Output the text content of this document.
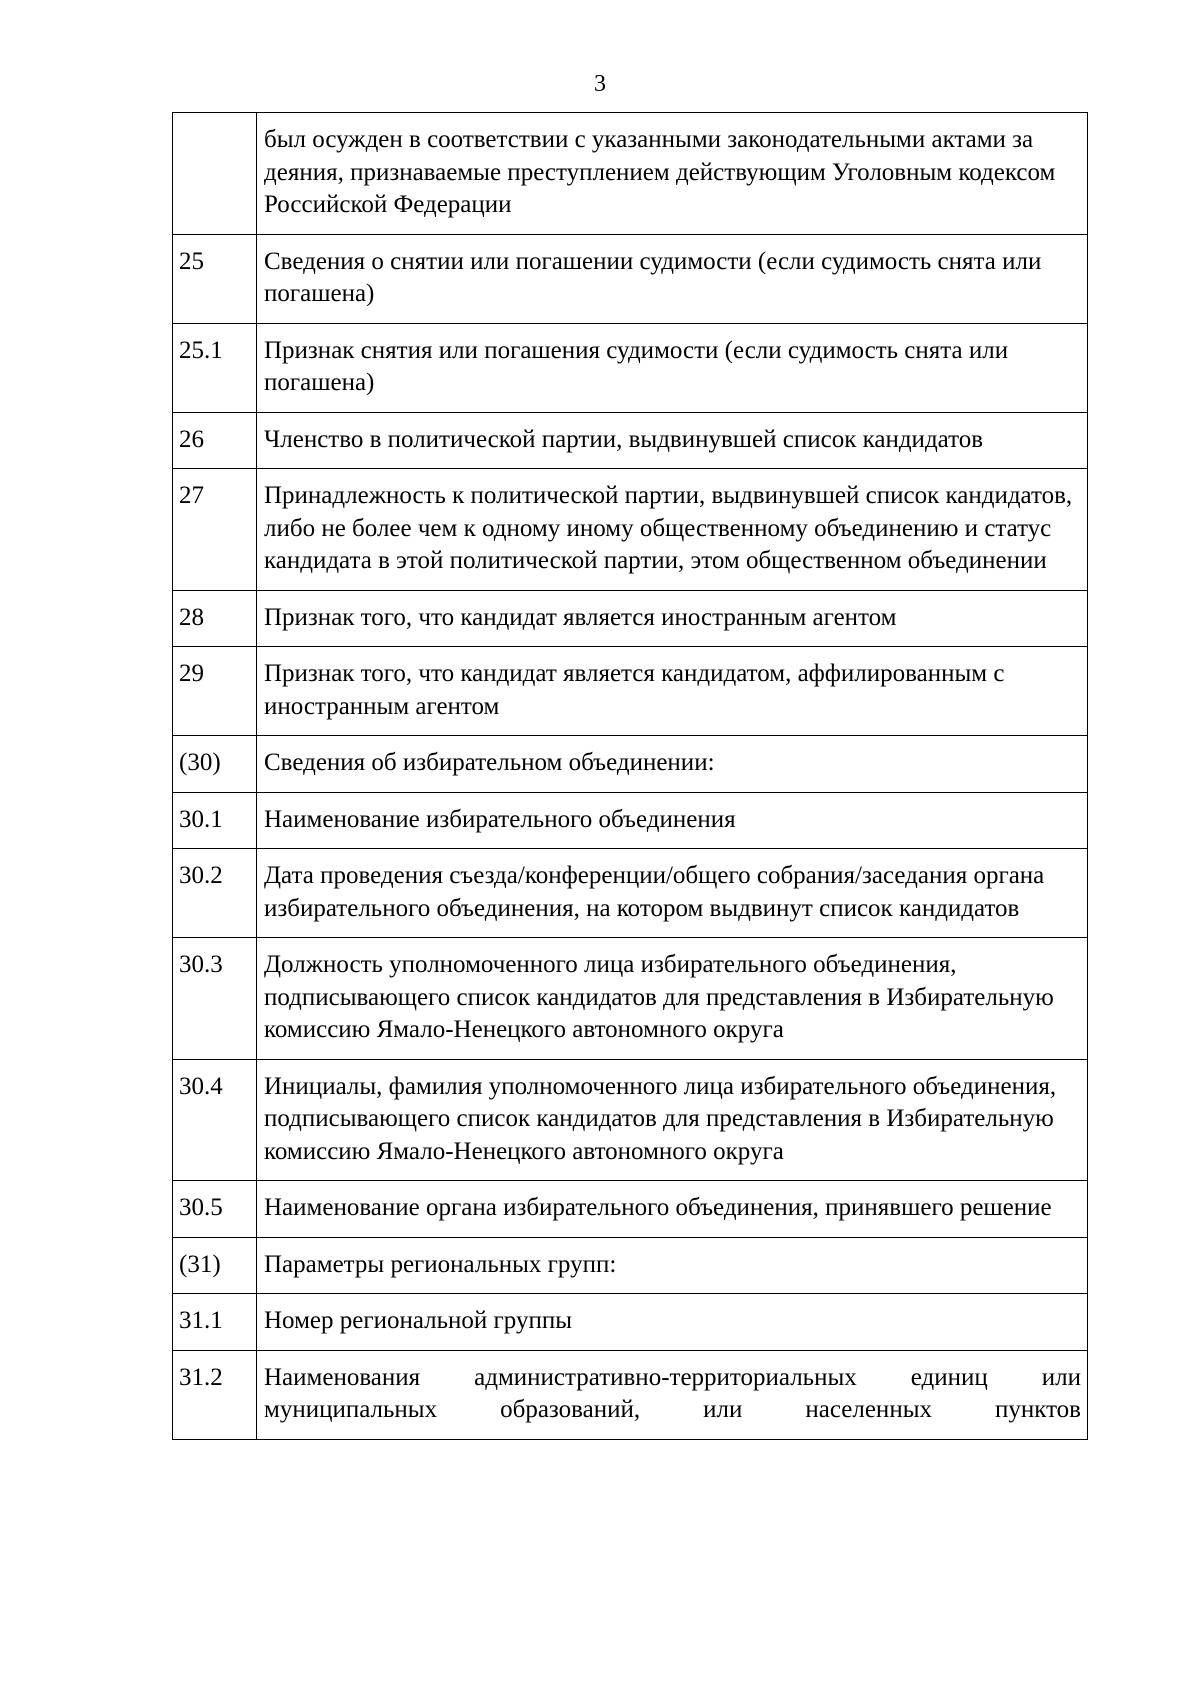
3
	был осужден в соответствии с указанными законодательными актами за деяния, признаваемые преступлением действующим Уголовным кодексом Российской Федерации
25	Сведения о снятии или погашении судимости (если судимость снята или погашена)
25.1	Признак снятия или погашения судимости (если судимость снята или погашена)
26	Членство в политической партии, выдвинувшей список кандидатов
27	Принадлежность к политической партии, выдвинувшей список кандидатов, либо не более чем к одному иному общественному объединению и статус кандидата в этой политической партии, этом общественном объединении
28	Признак того, что кандидат является иностранным агентом
29	Признак того, что кандидат является кандидатом, аффилированным с иностранным агентом
(30)	Сведения об избирательном объединении:
30.1	Наименование избирательного объединения
30.2	Дата проведения съезда/конференции/общего собрания/заседания органа избирательного объединения, на котором выдвинут список кандидатов
30.3	Должность уполномоченного лица избирательного объединения, подписывающего список кандидатов для представления в Избирательную комиссию Ямало-Ненецкого автономного округа
30.4	Инициалы, фамилия уполномоченного лица избирательного объединения, подписывающего список кандидатов для представления в Избирательную комиссию Ямало-Ненецкого автономного округа
30.5	Наименование органа избирательного объединения, принявшего решение
(31)	Параметры региональных групп:
31.1	Номер региональной группы
31.2	Наименования административно-территориальных единиц или муниципальных образований, или населенных пунктов
